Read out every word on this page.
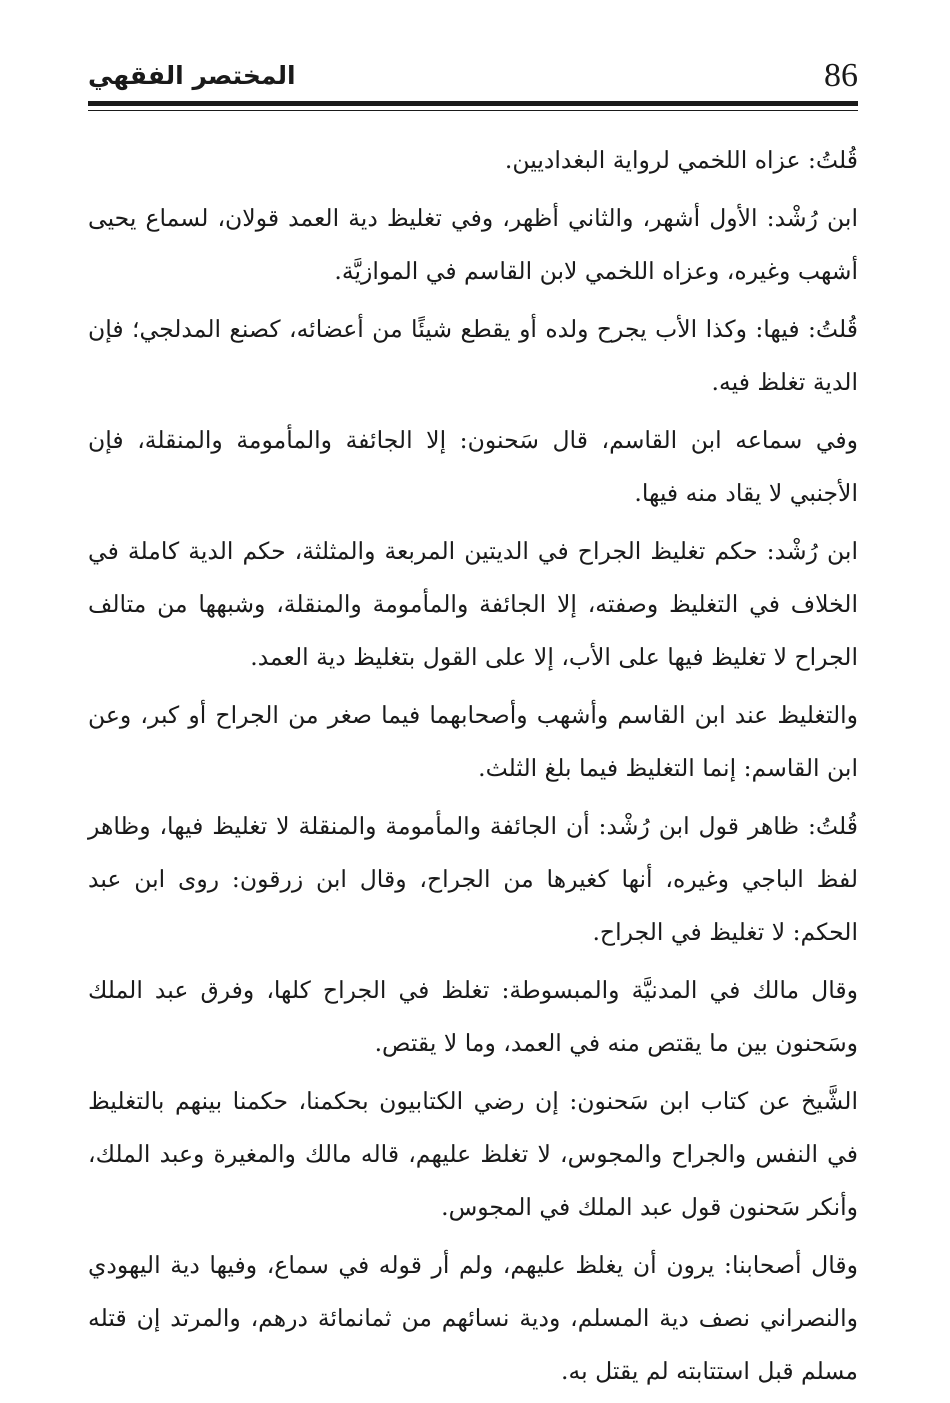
86
المختصر الفقهي

قُلتُ: عزاه اللخمي لرواية البغداديين.

ابن رُشْد: الأول أشهر، والثاني أظهر، وفي تغليظ دية العمد قولان، لسماع يحيى أشهب وغيره، وعزاه اللخمي لابن القاسم في الموازيَّة.

قُلتُ: فيها: وكذا الأب يجرح ولده أو يقطع شيئًا من أعضائه، كصنع المدلجي؛ فإن الدية تغلظ فيه.

وفي سماعه ابن القاسم، قال سَحنون: إلا الجائفة والمأمومة والمنقلة، فإن الأجنبي لا يقاد منه فيها.

ابن رُشْد: حكم تغليظ الجراح في الديتين المربعة والمثلثة، حكم الدية كاملة في الخلاف في التغليظ وصفته، إلا الجائفة والمأمومة والمنقلة، وشبهها من متالف الجراح لا تغليظ فيها على الأب، إلا على القول بتغليظ دية العمد.

والتغليظ عند ابن القاسم وأشهب وأصحابهما فيما صغر من الجراح أو كبر، وعن ابن القاسم: إنما التغليظ فيما بلغ الثلث.

قُلتُ: ظاهر قول ابن رُشْد: أن الجائفة والمأمومة والمنقلة لا تغليظ فيها، وظاهر لفظ الباجي وغيره، أنها كغيرها من الجراح، وقال ابن زرقون: روى ابن عبد الحكم: لا تغليظ في الجراح.

وقال مالك في المدنيَّة والمبسوطة: تغلظ في الجراح كلها، وفرق عبد الملك وسَحنون بين ما يقتص منه في العمد، وما لا يقتص.

الشَّيخ عن كتاب ابن سَحنون: إن رضي الكتابيون بحكمنا، حكمنا بينهم بالتغليظ في النفس والجراح والمجوس، لا تغلظ عليهم، قاله مالك والمغيرة وعبد الملك، وأنكر سَحنون قول عبد الملك في المجوس.

وقال أصحابنا: يرون أن يغلظ عليهم، ولم أر قوله في سماع، وفيها دية اليهودي والنصراني نصف دية المسلم، ودية نسائهم من ثمانمائة درهم، والمرتد إن قتله مسلم قبل استتابته لم يقتل به.
